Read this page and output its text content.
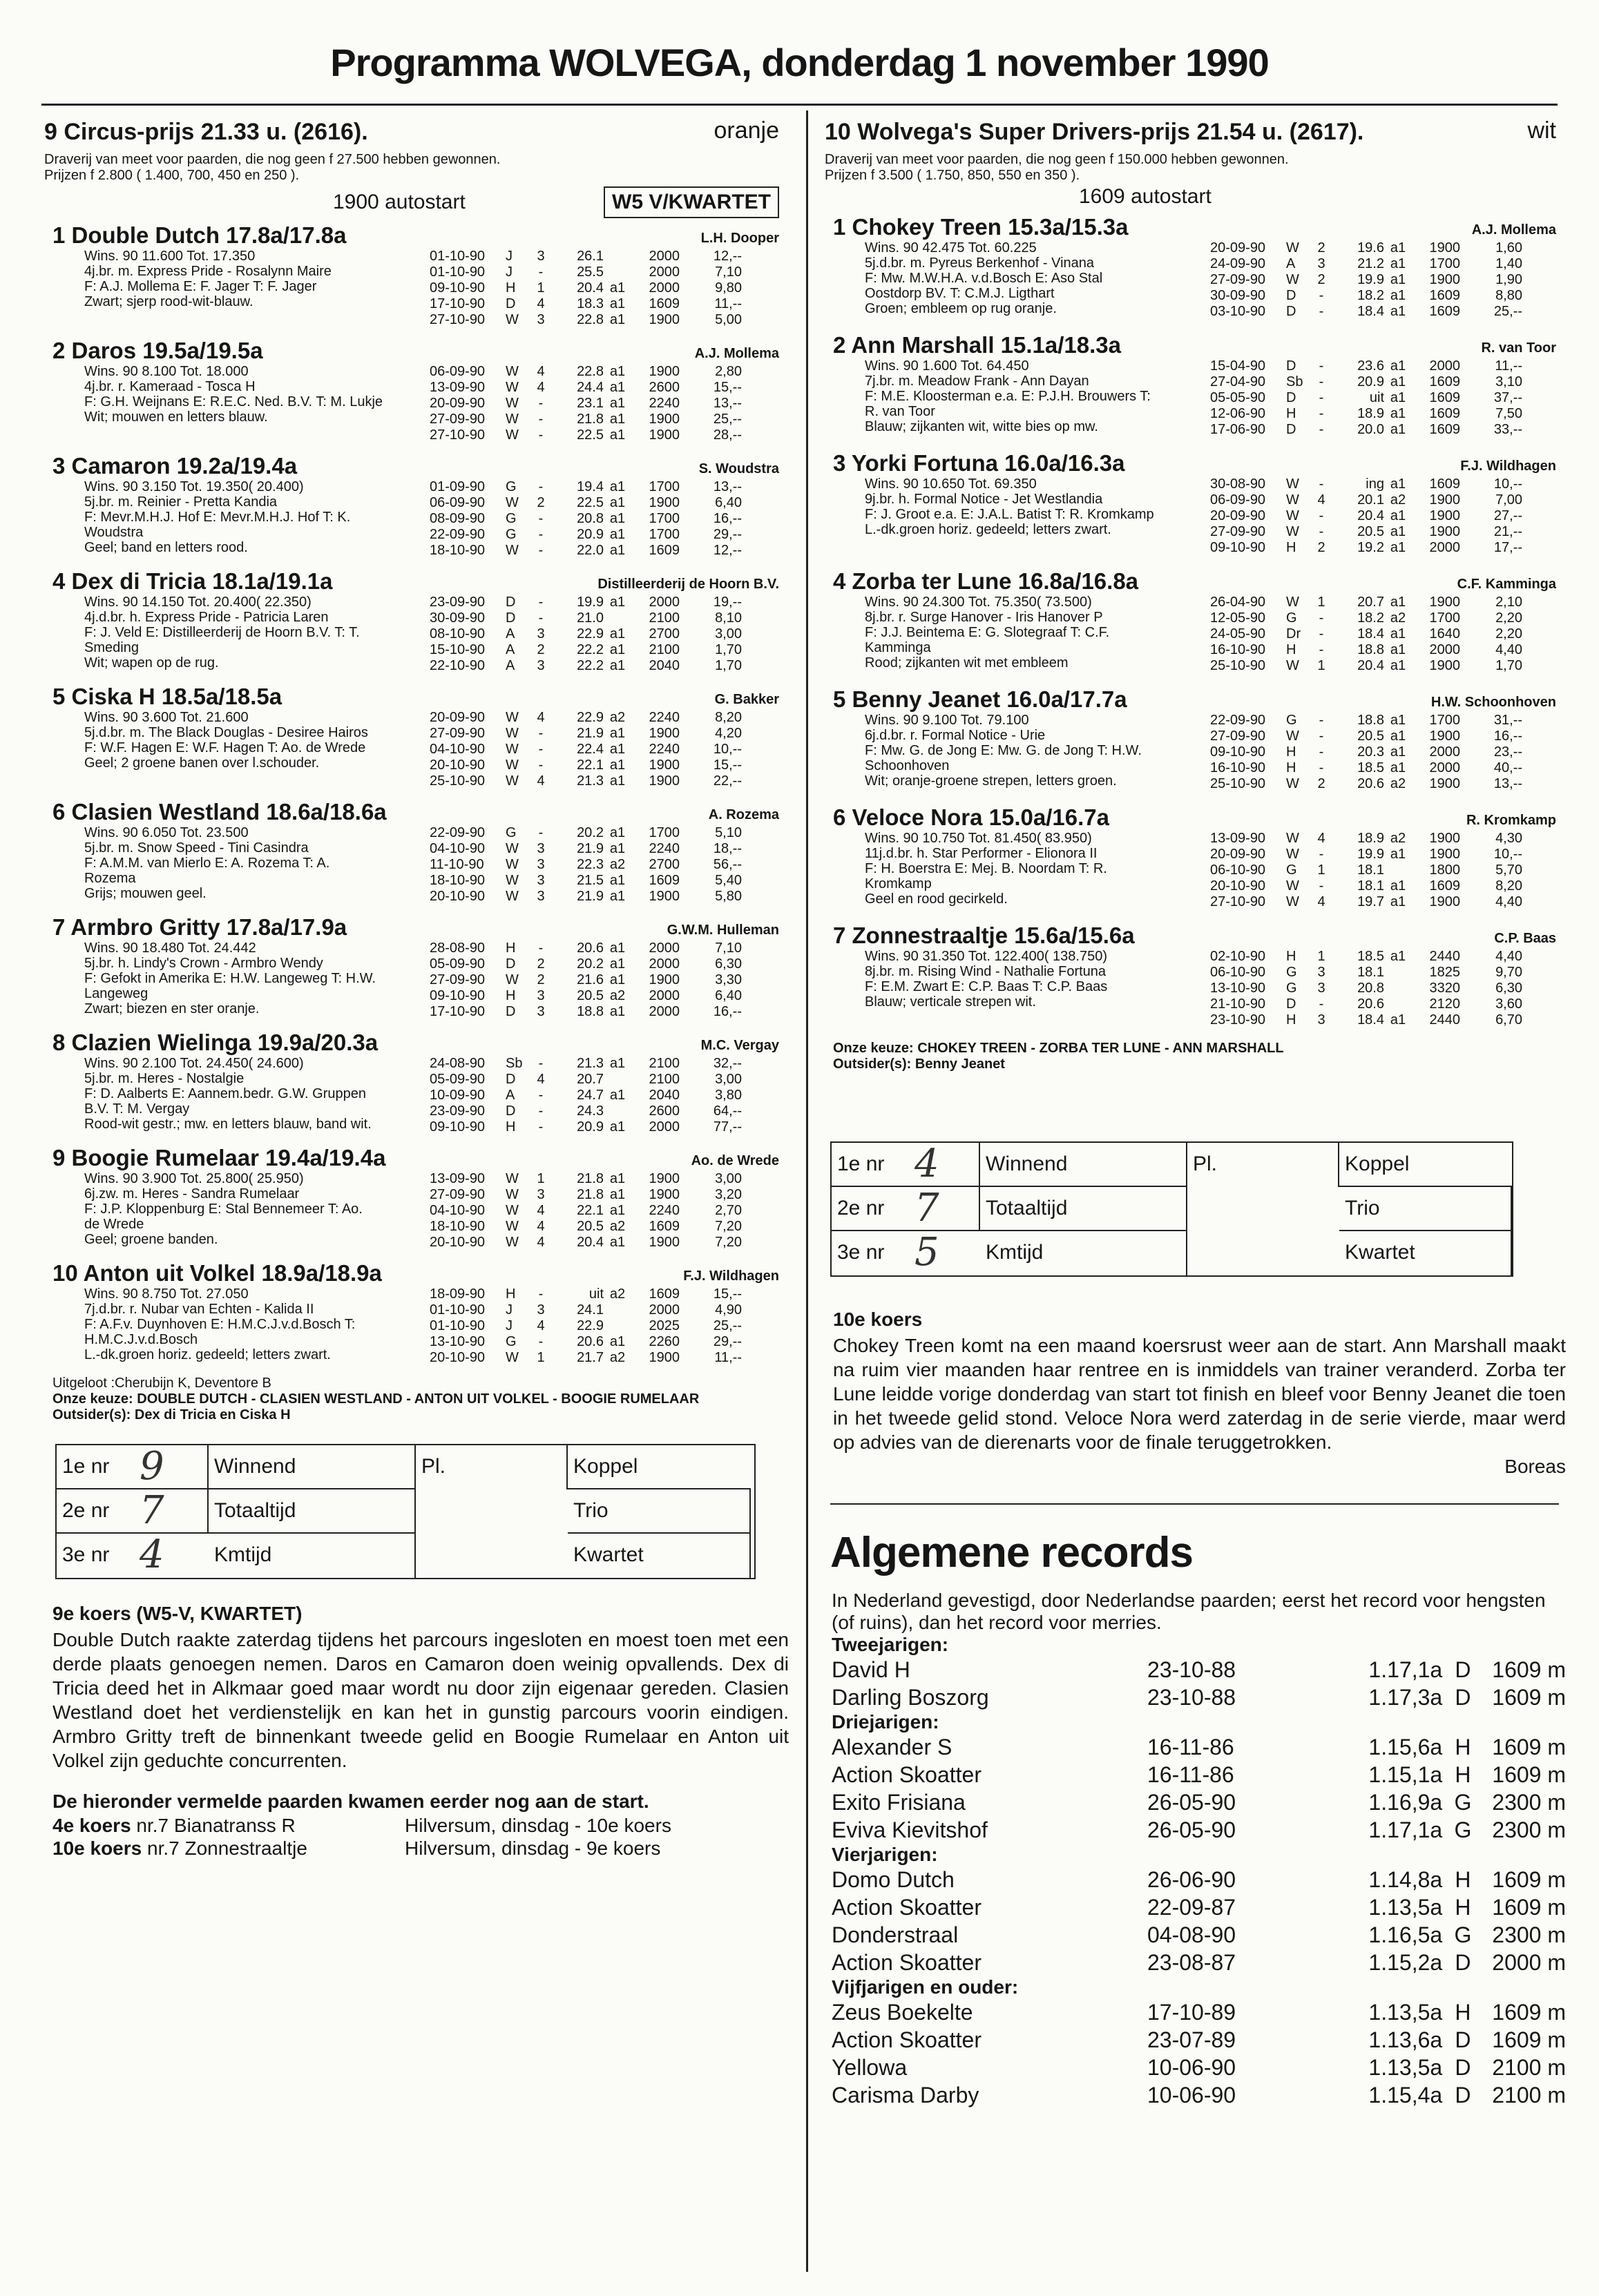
Programma WOLVEGA, donderdag 1 november 1990
9 Circus-prijs 21.33 u. (2616).	oranje
Draverij van meet voor paarden, die nog geen f 27.500 hebben gewonnen.
Prijzen f 2.800 ( 1.400, 700, 450 en 250 ).
1900 autostart	W5 V/KWARTET
1 Double Dutch 17.8a/17.8a	L.H. Dooper
Wins. 90 11.600 Tot. 17.350
4j.br. m. Express Pride - Rosalynn Maire
F: A.J. Mollema E: F. Jager T: F. Jager
Zwart; sjerp rood-wit-blauw.
01-10-90	J	3	26.1	2000	12,--
01-10-90	J	-	25.5	2000	7,10
09-10-90	H	1	20.4 a1	2000	9,80
17-10-90	D	4	18.3 a1	1609	11,--
27-10-90	W	3	22.8 a1	1900	5,00
2 Daros 19.5a/19.5a	A.J. Mollema
Wins. 90 8.100 Tot. 18.000
4j.br. r. Kameraad - Tosca H
F: G.H. Weijnans E: R.E.C. Ned. B.V. T: M. Lukje
Wit; mouwen en letters blauw.
06-09-90	W	4	22.8 a1	1900	2,80
13-09-90	W	4	24.4 a1	2600	15,--
20-09-90	W	-	23.1 a1	2240	13,--
27-09-90	W	-	21.8 a1	1900	25,--
27-10-90	W	-	22.5 a1	1900	28,--
3 Camaron 19.2a/19.4a	S. Woudstra
Wins. 90 3.150 Tot. 19.350( 20.400)
5j.br. m. Reinier - Pretta Kandia
F: Mevr.M.H.J. Hof E: Mevr.M.H.J. Hof T: K.
Woudstra
Geel; band en letters rood.
01-09-90	G	-	19.4 a1	1700	13,--
06-09-90	W	2	22.5 a1	1900	6,40
08-09-90	G	-	20.8 a1	1700	16,--
22-09-90	G	-	20.9 a1	1700	29,--
18-10-90	W	-	22.0 a1	1609	12,--
4 Dex di Tricia 18.1a/19.1a	Distilleerderij de Hoorn B.V.
Wins. 90 14.150 Tot. 20.400( 22.350)
4j.d.br. h. Express Pride - Patricia Laren
F: J. Veld E: Distilleerderij de Hoorn B.V. T: T.
Smeding
Wit; wapen op de rug.
23-09-90	D	-	19.9 a1	2000	19,--
30-09-90	D	-	21.0	2100	8,10
08-10-90	A	3	22.9 a1	2700	3,00
15-10-90	A	2	22.2 a1	2100	1,70
22-10-90	A	3	22.2 a1	2040	1,70
5 Ciska H 18.5a/18.5a	G. Bakker
Wins. 90 3.600 Tot. 21.600
5j.d.br. m. The Black Douglas - Desiree Hairos
F: W.F. Hagen E: W.F. Hagen T: Ao. de Wrede
Geel; 2 groene banen over l.schouder.
20-09-90	W	4	22.9 a2	2240	8,20
27-09-90	W	-	21.9 a1	1900	4,20
04-10-90	W	-	22.4 a1	2240	10,--
20-10-90	W	-	22.1 a1	1900	15,--
25-10-90	W	4	21.3 a1	1900	22,--
6 Clasien Westland 18.6a/18.6a	A. Rozema
Wins. 90 6.050 Tot. 23.500
5j.br. m. Snow Speed - Tini Casindra
F: A.M.M. van Mierlo E: A. Rozema T: A.
Rozema
Grijs; mouwen geel.
22-09-90	G	-	20.2 a1	1700	5,10
04-10-90	W	3	21.9 a1	2240	18,--
11-10-90	W	3	22.3 a2	2700	56,--
18-10-90	W	3	21.5 a1	1609	5,40
20-10-90	W	3	21.9 a1	1900	5,80
7 Armbro Gritty 17.8a/17.9a	G.W.M. Hulleman
Wins. 90 18.480 Tot. 24.442
5j.br. h. Lindy's Crown - Armbro Wendy
F: Gefokt in Amerika E: H.W. Langeweg T: H.W.
Langeweg
Zwart; biezen en ster oranje.
28-08-90	H	-	20.6 a1	2000	7,10
05-09-90	D	2	20.2 a1	2000	6,30
27-09-90	W	2	21.6 a1	1900	3,30
09-10-90	H	3	20.5 a2	2000	6,40
17-10-90	D	3	18.8 a1	2000	16,--
8 Clazien Wielinga 19.9a/20.3a	M.C. Vergay
Wins. 90 2.100 Tot. 24.450( 24.600)
5j.br. m. Heres - Nostalgie
F: D. Aalberts E: Aannem.bedr. G.W. Gruppen
B.V. T: M. Vergay
Rood-wit gestr.; mw. en letters blauw, band wit.
24-08-90	Sb	-	21.3 a1	2100	32,--
05-09-90	D	4	20.7	2100	3,00
10-09-90	A	-	24.7 a1	2040	3,80
23-09-90	D	-	24.3	2600	64,--
09-10-90	H	-	20.9 a1	2000	77,--
9 Boogie Rumelaar 19.4a/19.4a	Ao. de Wrede
Wins. 90 3.900 Tot. 25.800( 25.950)
6j.zw. m. Heres - Sandra Rumelaar
F: J.P. Kloppenburg E: Stal Bennemeer T: Ao.
de Wrede
Geel; groene banden.
13-09-90	W	1	21.8 a1	1900	3,00
27-09-90	W	3	21.8 a1	1900	3,20
04-10-90	W	4	22.1 a1	2240	2,70
18-10-90	W	4	20.5 a2	1609	7,20
20-10-90	W	4	20.4 a1	1900	7,20
10 Anton uit Volkel 18.9a/18.9a	F.J. Wildhagen
Wins. 90 8.750 Tot. 27.050
7j.d.br. r. Nubar van Echten - Kalida II
F: A.F.v. Duynhoven E: H.M.C.J.v.d.Bosch T:
H.M.C.J.v.d.Bosch
L.-dk.groen horiz. gedeeld; letters zwart.
18-09-90	H	-	uit a2	1609	15,--
01-10-90	J	3	24.1	2000	4,90
01-10-90	J	4	22.9	2025	25,--
13-10-90	G	-	20.6 a1	2260	29,--
20-10-90	W	1	21.7 a2	1900	11,--
Uitgeloot :Cherubijn K, Deventore B
Onze keuze: DOUBLE DUTCH - CLASIEN WESTLAND - ANTON UIT VOLKEL - BOOGIE RUMELAAR
Outsider(s): Dex di Tricia en Ciska H
1e nr 9 Winnend	Pl.	Koppel
2e nr 7 Totaaltijd	Trio
3e nr 4 Kmtijd	Kwartet
9e koers (W5-V, KWARTET)
Double Dutch raakte zaterdag tijdens het parcours ingesloten en moest toen met een derde plaats genoegen nemen. Daros en Camaron doen weinig opvallends. Dex di Tricia deed het in Alkmaar goed maar wordt nu door zijn eigenaar gereden. Clasien Westland doet het verdienstelijk en kan het in gunstig parcours voorin eindigen. Armbro Gritty treft de binnenkant tweede gelid en Boogie Rumelaar en Anton uit Volkel zijn geduchte concurrenten.
De hieronder vermelde paarden kwamen eerder nog aan de start.
4e koers nr.7 Bianatranss R	Hilversum, dinsdag - 10e koers
10e koers nr.7 Zonnestraaltje	Hilversum, dinsdag - 9e koers
10 Wolvega's Super Drivers-prijs 21.54 u. (2617).	wit
Draverij van meet voor paarden, die nog geen f 150.000 hebben gewonnen.
Prijzen f 3.500 ( 1.750, 850, 550 en 350 ).
1609 autostart
1 Chokey Treen 15.3a/15.3a	A.J. Mollema
Wins. 90 42.475 Tot. 60.225
5j.d.br. m. Pyreus Berkenhof - Vinana
F: Mw. M.W.H.A. v.d.Bosch E: Aso Stal
Oostdorp BV. T: C.M.J. Ligthart
Groen; embleem op rug oranje.
20-09-90	W	2	19.6 a1	1900	1,60
24-09-90	A	3	21.2 a1	1700	1,40
27-09-90	W	2	19.9 a1	1900	1,90
30-09-90	D	-	18.2 a1	1609	8,80
03-10-90	D	-	18.4 a1	1609	25,--
2 Ann Marshall 15.1a/18.3a	R. van Toor
Wins. 90 1.600 Tot. 64.450
7j.br. m. Meadow Frank - Ann Dayan
F: M.E. Kloosterman e.a. E: P.J.H. Brouwers T:
R. van Toor
Blauw; zijkanten wit, witte bies op mw.
15-04-90	D	-	23.6 a1	2000	11,--
27-04-90	Sb	-	20.9 a1	1609	3,10
05-05-90	D	-	uit a1	1609	37,--
12-06-90	H	-	18.9 a1	1609	7,50
17-06-90	D	-	20.0 a1	1609	33,--
3 Yorki Fortuna 16.0a/16.3a	F.J. Wildhagen
Wins. 90 10.650 Tot. 69.350
9j.br. h. Formal Notice - Jet Westlandia
F: J. Groot e.a. E: J.A.L. Batist T: R. Kromkamp
L.-dk.groen horiz. gedeeld; letters zwart.
30-08-90	W	-	ing a1	1609	10,--
06-09-90	W	4	20.1 a2	1900	7,00
20-09-90	W	-	20.4 a1	1900	27,--
27-09-90	W	-	20.5 a1	1900	21,--
09-10-90	H	2	19.2 a1	2000	17,--
4 Zorba ter Lune 16.8a/16.8a	C.F. Kamminga
Wins. 90 24.300 Tot. 75.350( 73.500)
8j.br. r. Surge Hanover - Iris Hanover P
F: J.J. Beintema E: G. Slotegraaf T: C.F.
Kamminga
Rood; zijkanten wit met embleem
26-04-90	W	1	20.7 a1	1900	2,10
12-05-90	G	-	18.2 a2	1700	2,20
24-05-90	Dr	-	18.4 a1	1640	2,20
16-10-90	H	-	18.8 a1	2000	4,40
25-10-90	W	1	20.4 a1	1900	1,70
5 Benny Jeanet 16.0a/17.7a	H.W. Schoonhoven
Wins. 90 9.100 Tot. 79.100
6j.d.br. r. Formal Notice - Urie
F: Mw. G. de Jong E: Mw. G. de Jong T: H.W.
Schoonhoven
Wit; oranje-groene strepen, letters groen.
22-09-90	G	-	18.8 a1	1700	31,--
27-09-90	W	-	20.5 a1	1900	16,--
09-10-90	H	-	20.3 a1	2000	23,--
16-10-90	H	-	18.5 a1	2000	40,--
25-10-90	W	2	20.6 a2	1900	13,--
6 Veloce Nora 15.0a/16.7a	R. Kromkamp
Wins. 90 10.750 Tot. 81.450( 83.950)
11j.d.br. h. Star Performer - Elionora II
F: H. Boerstra E: Mej. B. Noordam T: R.
Kromkamp
Geel en rood gecirkeld.
13-09-90	W	4	18.9 a2	1900	4,30
20-09-90	W	-	19.9 a1	1900	10,--
06-10-90	G	1	18.1	1800	5,70
20-10-90	W	-	18.1 a1	1609	8,20
27-10-90	W	4	19.7 a1	1900	4,40
7 Zonnestraaltje 15.6a/15.6a	C.P. Baas
Wins. 90 31.350 Tot. 122.400( 138.750)
8j.br. m. Rising Wind - Nathalie Fortuna
F: E.M. Zwart E: C.P. Baas T: C.P. Baas
Blauw; verticale strepen wit.
02-10-90	H	1	18.5 a1	2440	4,40
06-10-90	G	3	18.1	1825	9,70
13-10-90	G	3	20.8	3320	6,30
21-10-90	D	-	20.6	2120	3,60
23-10-90	H	3	18.4 a1	2440	6,70
Onze keuze: CHOKEY TREEN - ZORBA TER LUNE - ANN MARSHALL
Outsider(s): Benny Jeanet
1e nr 4 Winnend	Pl.	Koppel
2e nr 7 Totaaltijd	Trio
3e nr 5 Kmtijd	Kwartet
10e koers
Chokey Treen komt na een maand koersrust weer aan de start. Ann Marshall maakt na ruim vier maanden haar rentree en is inmiddels van trainer veranderd. Zorba ter Lune leidde vorige donderdag van start tot finish en bleef voor Benny Jeanet die toen in het tweede gelid stond. Veloce Nora werd zaterdag in de serie vierde, maar werd op advies van de dierenarts voor de finale teruggetrokken.
Boreas
Algemene records
In Nederland gevestigd, door Nederlandse paarden; eerst het record voor hengsten (of ruins), dan het record voor merries.
Tweejarigen:
David H	23-10-88	1.17,1a D 1609 m
Darling Boszorg	23-10-88	1.17,3a D 1609 m
Driejarigen:
Alexander S	16-11-86	1.15,6a H 1609 m
Action Skoatter	16-11-86	1.15,1a H 1609 m
Exito Frisiana	26-05-90	1.16,9a G 2300 m
Eviva Kievitshof	26-05-90	1.17,1a G 2300 m
Vierjarigen:
Domo Dutch	26-06-90	1.14,8a H 1609 m
Action Skoatter	22-09-87	1.13,5a H 1609 m
Donderstraal	04-08-90	1.16,5a G 2300 m
Action Skoatter	23-08-87	1.15,2a D 2000 m
Vijfjarigen en ouder:
Zeus Boekelte	17-10-89	1.13,5a H 1609 m
Action Skoatter	23-07-89	1.13,6a D 1609 m
Yellowa	10-06-90	1.13,5a D 2100 m
Carisma Darby	10-06-90	1.15,4a D 2100 m
